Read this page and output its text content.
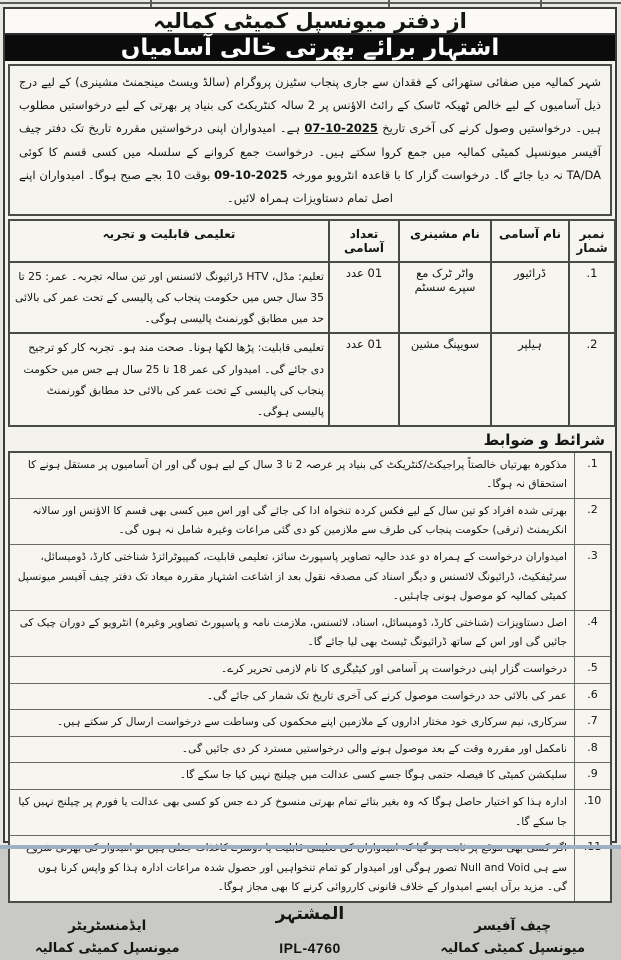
از دفتر میونسپل کمیٹی کمالیہ
اشتہار برائے بھرتی خالی آسامیاں
شہر کمالیہ میں صفائی ستھرائی کے فقدان سے جاری پنجاب سٹیزن پروگرام (سالڈ ویسٹ مینجمنٹ مشینری) کے لیے درج ذیل آسامیوں کے لیے خالص ٹھیکہ ٹاسک کے رائٹ الاؤنس پر 2 سالہ کنٹریکٹ کی بنیاد پر بھرتی کے لیے درخواستیں مطلوب ہیں۔ درخواستیں وصول کرنے کی آخری تاریخ 07-10-2025 ہے۔ امیدواران اپنی درخواستیں مقررہ تاریخ تک دفتر چیف آفیسر میونسپل کمیٹی کمالیہ میں جمع کروا سکتے ہیں۔ درخواست جمع کروانے کے سلسلہ میں کسی قسم کا کوئی TA/DA نہ دیا جائے گا۔ درخواست گزار کا با قاعدہ انٹرویو مورخہ 09-10-2025 بوقت 10 بجے صبح ہوگا۔ امیدواران اپنے اصل تمام دستاویزات ہمراہ لائیں۔
نمبر شمار	نام آسامی	نام مشینری	تعداد آسامی	تعلیمی قابلیت و تجربہ
1.	ڈرائیور	واٹر ٹرک مع سپرے سسٹم	01 عدد	تعلیم: مڈل، HTV ڈرائیونگ لائسنس اور تین سالہ تجربہ۔ عمر: 25 تا 35 سال جس میں حکومت پنجاب کی پالیسی کے تحت عمر کی بالائی حد میں مطابق گورنمنٹ پالیسی ہوگی۔
2.	ہیلپر	سویپنگ مشین	01 عدد	تعلیمی قابلیت: پڑھا لکھا ہونا۔ صحت مند ہو۔ تجربہ کار کو ترجیح دی جائے گی۔ امیدوار کی عمر 18 تا 25 سال ہے جس میں حکومت پنجاب کی پالیسی کے تحت عمر کی بالائی حد مطابق گورنمنٹ پالیسی ہوگی۔
شرائط و ضوابط
1.
مذکورہ بھرتیاں خالصتاً پراجیکٹ/کنٹریکٹ کی بنیاد پر عرصہ 2 تا 3 سال کے لیے ہوں گی اور ان آسامیوں پر مستقل ہونے کا استحقاق نہ ہوگا۔
2.
بھرتی شدہ افراد کو تین سال کے لیے فکس کردہ تنخواہ ادا کی جائے گی اور اس میں کسی بھی قسم کا الاؤنس اور سالانہ انکریمنٹ (ترقی) حکومت پنجاب کی طرف سے ملازمین کو دی گئی مراعات وغیرہ شامل نہ ہوں گی۔
3.
امیدواران درخواست کے ہمراہ دو عدد حالیہ تصاویر پاسپورٹ سائز، تعلیمی قابلیت، کمپیوٹرائزڈ شناختی کارڈ، ڈومیسائل، سرٹیفکیٹ، ڈرائیونگ لائسنس و دیگر اسناد کی مصدقہ نقول بعد از اشاعت اشتہار مقررہ میعاد تک دفتر چیف آفیسر میونسپل کمیٹی کمالیہ کو موصول ہونی چاہئیں۔
4.
اصل دستاویزات (شناختی کارڈ، ڈومیسائل، اسناد، لائسنس، ملازمت نامہ و پاسپورٹ تصاویر وغیرہ) انٹرویو کے دوران چیک کی جائیں گی اور اس کے ساتھ ڈرائیونگ ٹیسٹ بھی لیا جائے گا۔
5.
درخواست گزار اپنی درخواست پر آسامی اور کیٹیگری کا نام لازمی تحریر کرے۔
6.
عمر کی بالائی حد درخواست موصول کرنے کی آخری تاریخ تک شمار کی جائے گی۔
7.
سرکاری، نیم سرکاری خود مختار اداروں کے ملازمین اپنے محکموں کی وساطت سے درخواست ارسال کر سکتے ہیں۔
8.
نامکمل اور مقررہ وقت کے بعد موصول ہونے والی درخواستیں مسترد کر دی جائیں گی۔
9.
سلیکشن کمیٹی کا فیصلہ حتمی ہوگا جسے کسی عدالت میں چیلنج نہیں کیا جا سکے گا۔
10.
ادارہ ہذا کو اختیار حاصل ہوگا کہ وہ بغیر بتائے تمام بھرتی منسوخ کر دے جس کو کسی بھی عدالت یا فورم پر چیلنج نہیں کیا جا سکے گا۔
سے ہی Null and Void تصور ہوگی اور امیدوار کو تمام تنخواہیں اور حصول شدہ مراعات ادارہ ہذا کو واپس کرنا ہوں گی۔ مزید برآں ایسے امیدوار کے خلاف قانونی کارروائی کرنے کا بھی مجاز ہوگا۔
چیف آفیسر
میونسپل کمیٹی کمالیہ
المشتہر
IPL-4760
ایڈمنسٹریٹر
میونسپل کمیٹی کمالیہ
